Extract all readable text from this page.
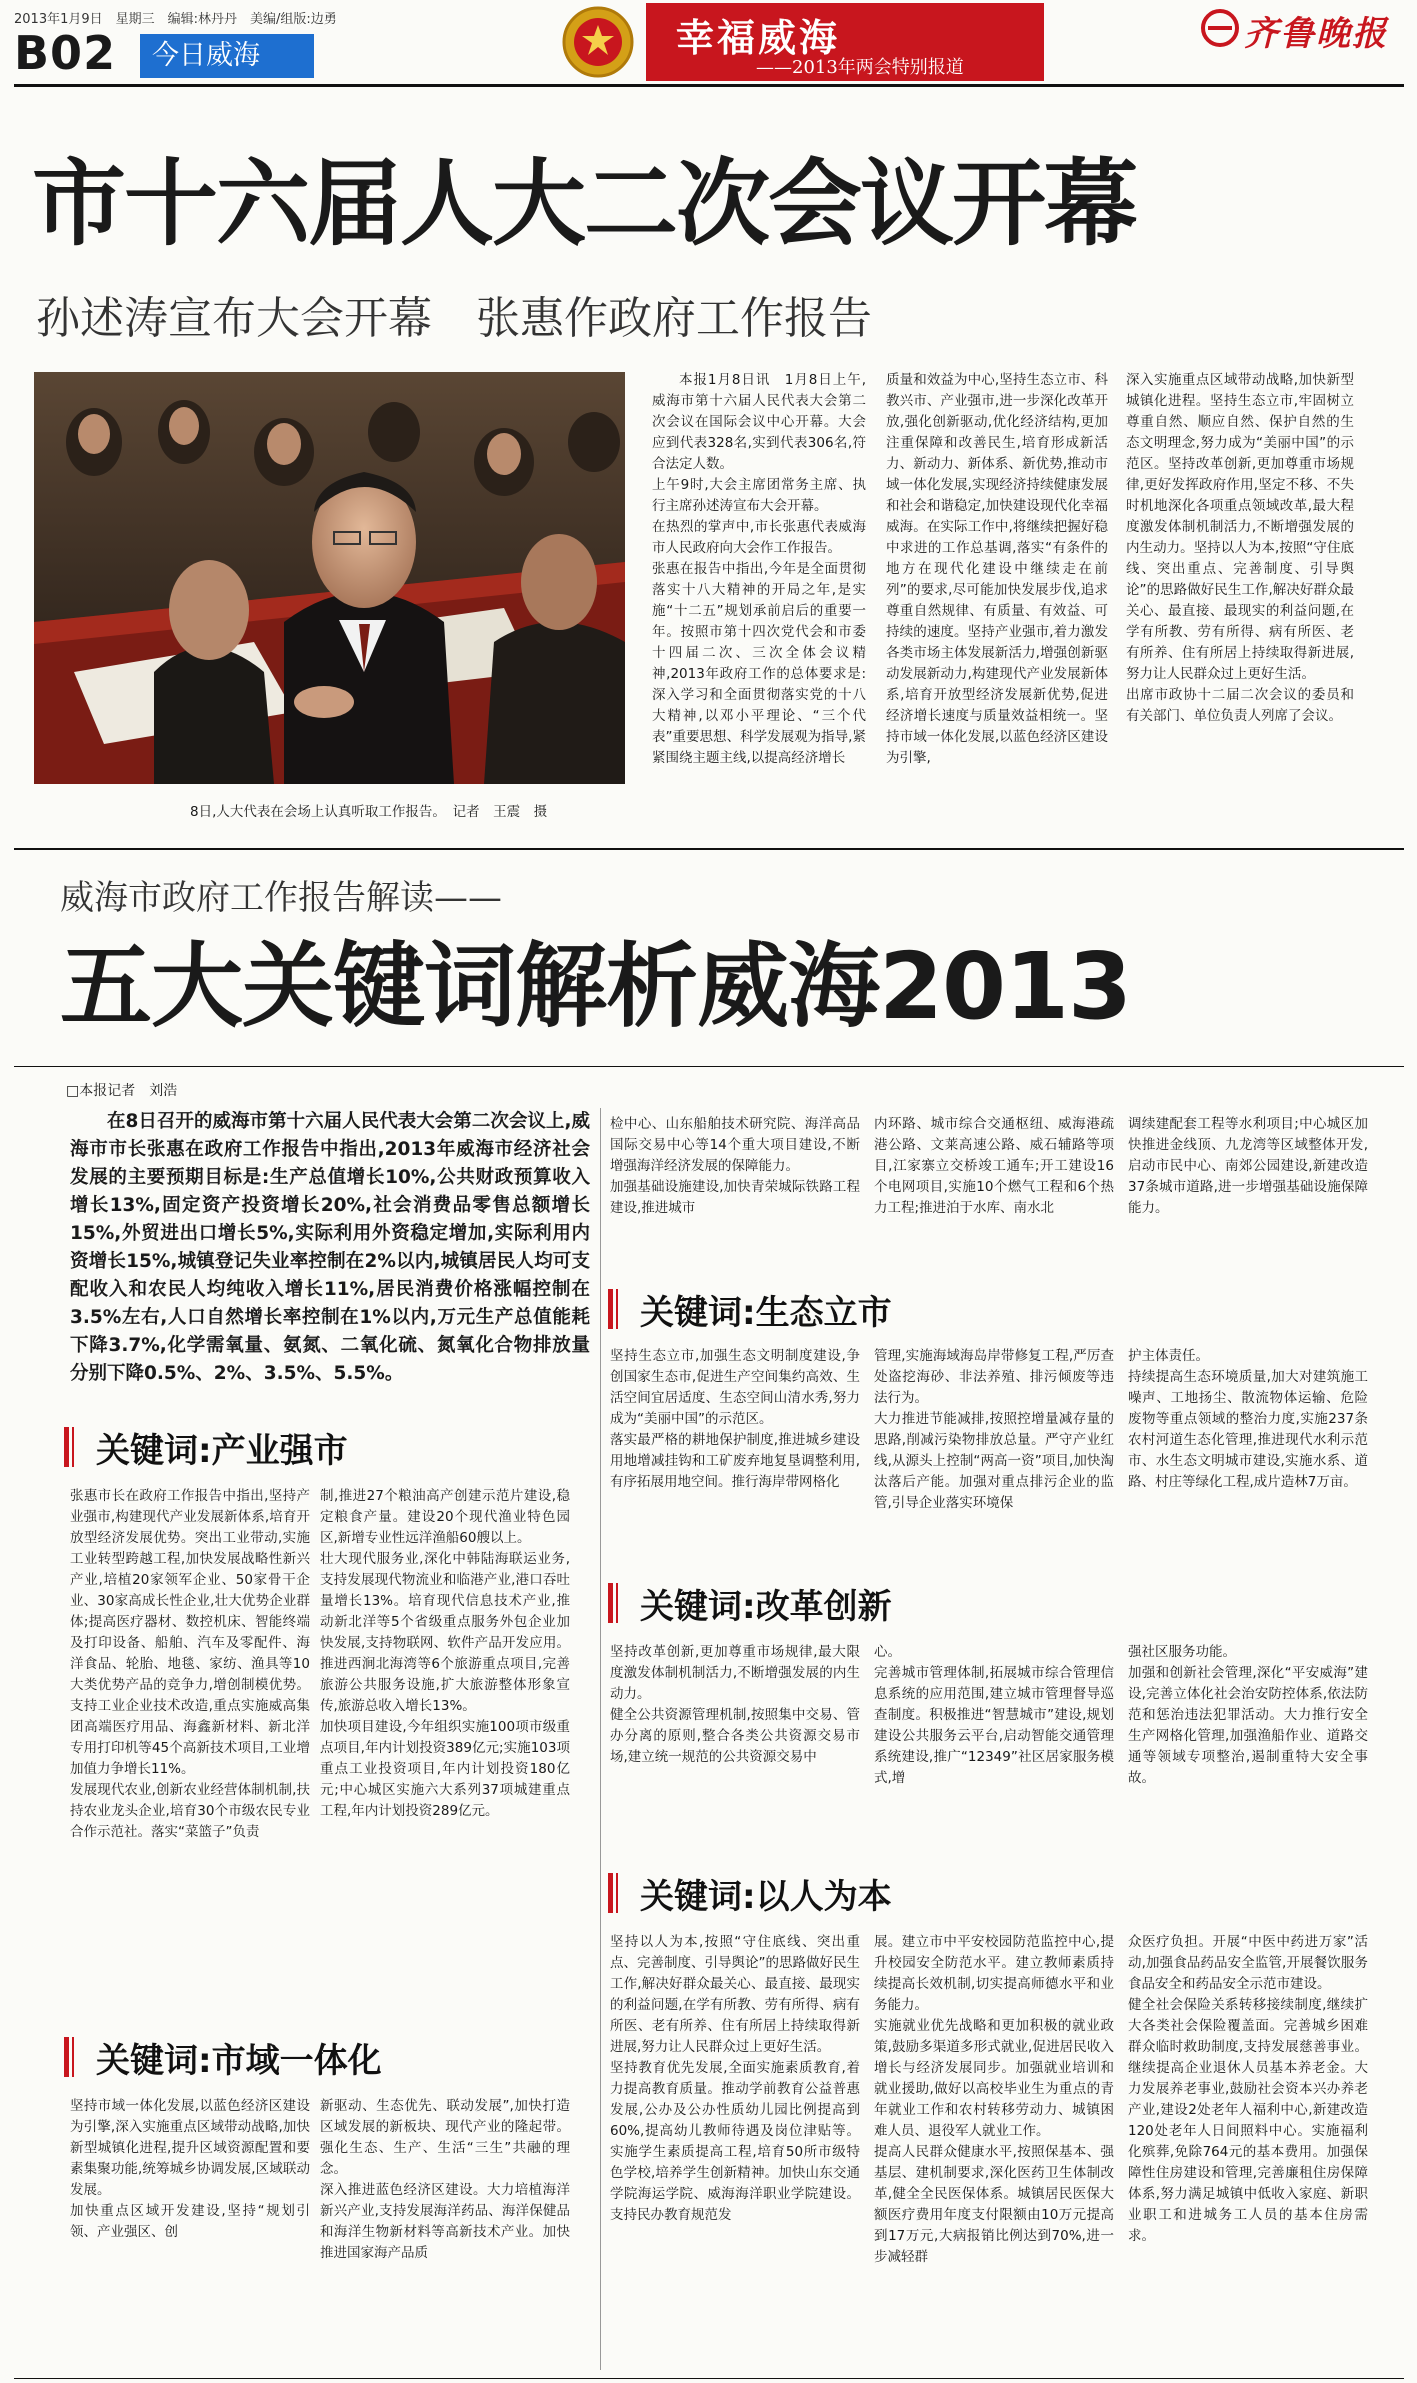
2013年1月9日　星期三　编辑:林丹丹　美编/组版:边勇
B02	今日威海	幸福威海
——2013年两会特别报道
齐鲁晚报
市十六届人大二次会议开幕
孙述涛宣布大会开幕　张惠作政府工作报告
8日,人大代表在会场上认真听取工作报告。　记者　王震　摄
本报1月8日讯　1月8日上午,威海市第十六届人民代表大会第二次会议在国际会议中心开幕。大会应到代表328名,实到代表306名,符合法定人数。
上午9时,大会主席团常务主席、执行主席孙述涛宣布大会开幕。
在热烈的掌声中,市长张惠代表威海市人民政府向大会作工作报告。
张惠在报告中指出,今年是全面贯彻落实十八大精神的开局之年,是实施“十二五”规划承前启后的重要一年。按照市第十四次党代会和市委十四届二次、三次全体会议精神,2013年政府工作的总体要求是:深入学习和全面贯彻落实党的十八大精神,以邓小平理论、“三个代表”重要思想、科学发展观为指导,紧紧围绕主题主线,以提高经济增长
质量和效益为中心,坚持生态立市、科教兴市、产业强市,进一步深化改革开放,强化创新驱动,优化经济结构,更加注重保障和改善民生,培育形成新活力、新动力、新体系、新优势,推动市域一体化发展,实现经济持续健康发展和社会和谐稳定,加快建设现代化幸福威海。在实际工作中,将继续把握好稳中求进的工作总基调,落实“有条件的地方在现代化建设中继续走在前列”的要求,尽可能加快发展步伐,追求尊重自然规律、有质量、有效益、可持续的速度。坚持产业强市,着力激发各类市场主体发展新活力,增强创新驱动发展新动力,构建现代产业发展新体系,培育开放型经济发展新优势,促进经济增长速度与质量效益相统一。坚持市域一体化发展,以蓝色经济区建设为引擎,
深入实施重点区域带动战略,加快新型城镇化进程。坚持生态立市,牢固树立尊重自然、顺应自然、保护自然的生态文明理念,努力成为“美丽中国”的示范区。坚持改革创新,更加尊重市场规律,更好发挥政府作用,坚定不移、不失时机地深化各项重点领域改革,最大程度激发体制机制活力,不断增强发展的内生动力。坚持以人为本,按照“守住底线、突出重点、完善制度、引导舆论”的思路做好民生工作,解决好群众最关心、最直接、最现实的利益问题,在学有所教、劳有所得、病有所医、老有所养、住有所居上持续取得新进展,努力让人民群众过上更好生活。
出席市政协十二届二次会议的委员和有关部门、单位负责人列席了会议。
威海市政府工作报告解读——
五大关键词解析威海2013
□本报记者　刘浩
在8日召开的威海市第十六届人民代表大会第二次会议上,威海市市长张惠在政府工作报告中指出,2013年威海市经济社会发展的主要预期目标是:生产总值增长10%,公共财政预算收入增长13%,固定资产投资增长20%,社会消费品零售总额增长15%,外贸进出口增长5%,实际利用外资稳定增加,实际利用内资增长15%,城镇登记失业率控制在2%以内,城镇居民人均可支配收入和农民人均纯收入增长11%,居民消费价格涨幅控制在3.5%左右,人口自然增长率控制在1%以内,万元生产总值能耗下降3.7%,化学需氧量、氨氮、二氧化硫、氮氧化合物排放量分别下降0.5%、2%、3.5%、5.5%。
检中心、山东船舶技术研究院、海洋高品国际交易中心等14个重大项目建设,不断增强海洋经济发展的保障能力。
加强基础设施建设,加快青荣城际铁路工程建设,推进城市
内环路、城市综合交通枢纽、威海港疏港公路、文莱高速公路、威石辅路等项目,江家寨立交桥竣工通车;开工建设16个电网项目,实施10个燃气工程和6个热力工程;推进泊于水库、南水北
调续建配套工程等水利项目;中心城区加快推进金线顶、九龙湾等区域整体开发,启动市民中心、南郊公园建设,新建改造37条城市道路,进一步增强基础设施保障能力。
关键词:生态立市
坚持生态立市,加强生态文明制度建设,争创国家生态市,促进生产空间集约高效、生活空间宜居适度、生态空间山清水秀,努力成为“美丽中国”的示范区。
落实最严格的耕地保护制度,推进城乡建设用地增减挂钩和工矿废弃地复垦调整利用,有序拓展用地空间。推行海岸带网格化
管理,实施海域海岛岸带修复工程,严厉查处盗挖海砂、非法养殖、排污倾废等违法行为。
大力推进节能减排,按照控增量减存量的思路,削减污染物排放总量。严守产业红线,从源头上控制“两高一资”项目,加快淘汰落后产能。加强对重点排污企业的监管,引导企业落实环境保
护主体责任。
持续提高生态环境质量,加大对建筑施工噪声、工地扬尘、散流物体运输、危险废物等重点领域的整治力度,实施237条农村河道生态化管理,推进现代水利示范市、水生态文明城市建设,实施水系、道路、村庄等绿化工程,成片造林7万亩。
关键词:改革创新
坚持改革创新,更加尊重市场规律,最大限度激发体制机制活力,不断增强发展的内生动力。
健全公共资源管理机制,按照集中交易、管办分离的原则,整合各类公共资源交易市场,建立统一规范的公共资源交易中
心。
完善城市管理体制,拓展城市综合管理信息系统的应用范围,建立城市管理督导巡查制度。积极推进“智慧城市”建设,规划建设公共服务云平台,启动智能交通管理系统建设,推广“12349”社区居家服务模式,增
强社区服务功能。
加强和创新社会管理,深化“平安威海”建设,完善立体化社会治安防控体系,依法防范和惩治违法犯罪活动。大力推行安全生产网格化管理,加强渔船作业、道路交通等领域专项整治,遏制重特大安全事故。
关键词:以人为本
坚持以人为本,按照“守住底线、突出重点、完善制度、引导舆论”的思路做好民生工作,解决好群众最关心、最直接、最现实的利益问题,在学有所教、劳有所得、病有所医、老有所养、住有所居上持续取得新进展,努力让人民群众过上更好生活。
坚持教育优先发展,全面实施素质教育,着力提高教育质量。推动学前教育公益普惠发展,公办及公办性质幼儿园比例提高到60%,提高幼儿教师待遇及岗位津贴等。实施学生素质提高工程,培育50所市级特色学校,培养学生创新精神。加快山东交通学院海运学院、威海海洋职业学院建设。支持民办教育规范发
展。建立市中平安校园防范监控中心,提升校园安全防范水平。建立教师素质持续提高长效机制,切实提高师德水平和业务能力。
实施就业优先战略和更加积极的就业政策,鼓励多渠道多形式就业,促进居民收入增长与经济发展同步。加强就业培训和就业援助,做好以高校毕业生为重点的青年就业工作和农村转移劳动力、城镇困难人员、退役军人就业工作。
提高人民群众健康水平,按照保基本、强基层、建机制要求,深化医药卫生体制改革,健全全民医保体系。城镇居民医保大额医疗费用年度支付限额由10万元提高到17万元,大病报销比例达到70%,进一步减轻群
众医疗负担。开展“中医中药进万家”活动,加强食品药品安全监管,开展餐饮服务食品安全和药品安全示范市建设。
健全社会保险关系转移接续制度,继续扩大各类社会保险覆盖面。完善城乡困难群众临时救助制度,支持发展慈善事业。继续提高企业退休人员基本养老金。大力发展养老事业,鼓励社会资本兴办养老产业,建设2处老年人福利中心,新建改造120处老年人日间照料中心。实施福利化殡葬,免除764元的基本费用。加强保障性住房建设和管理,完善廉租住房保障体系,努力满足城镇中低收入家庭、新职业职工和进城务工人员的基本住房需求。
关键词:产业强市
张惠市长在政府工作报告中指出,坚持产业强市,构建现代产业发展新体系,培育开放型经济发展优势。突出工业带动,实施工业转型跨越工程,加快发展战略性新兴产业,培植20家领军企业、50家骨干企业、30家高成长性企业,壮大优势企业群体;提高医疗器材、数控机床、智能终端及打印设备、船舶、汽车及零配件、海洋食品、轮胎、地毯、家纺、渔具等10大类优势产品的竞争力,增创制模优势。支持工业企业技术改造,重点实施威高集团高端医疗用品、海鑫新材料、新北洋专用打印机等45个高新技术项目,工业增加值力争增长11%。
发展现代农业,创新农业经营体制机制,扶持农业龙头企业,培育30个市级农民专业合作示范社。落实“菜篮子”负责
制,推进27个粮油高产创建示范片建设,稳定粮食产量。建设20个现代渔业特色园区,新增专业性远洋渔船60艘以上。
壮大现代服务业,深化中韩陆海联运业务,支持发展现代物流业和临港产业,港口吞吐量增长13%。培育现代信息技术产业,推动新北洋等5个省级重点服务外包企业加快发展,支持物联网、软件产品开发应用。推进西涧北海湾等6个旅游重点项目,完善旅游公共服务设施,扩大旅游整体形象宣传,旅游总收入增长13%。
加快项目建设,今年组织实施100项市级重点项目,年内计划投资389亿元;实施103项重点工业投资项目,年内计划投资180亿元;中心城区实施六大系列37项城建重点工程,年内计划投资289亿元。
关键词:市域一体化
坚持市域一体化发展,以蓝色经济区建设为引擎,深入实施重点区域带动战略,加快新型城镇化进程,提升区域资源配置和要素集聚功能,统筹城乡协调发展,区域联动发展。
加快重点区域开发建设,坚持“规划引领、产业强区、创
新驱动、生态优先、联动发展”,加快打造区域发展的新板块、现代产业的隆起带。强化生态、生产、生活“三生”共融的理念。
深入推进蓝色经济区建设。大力培植海洋新兴产业,支持发展海洋药品、海洋保健品和海洋生物新材料等高新技术产业。加快推进国家海产品质
